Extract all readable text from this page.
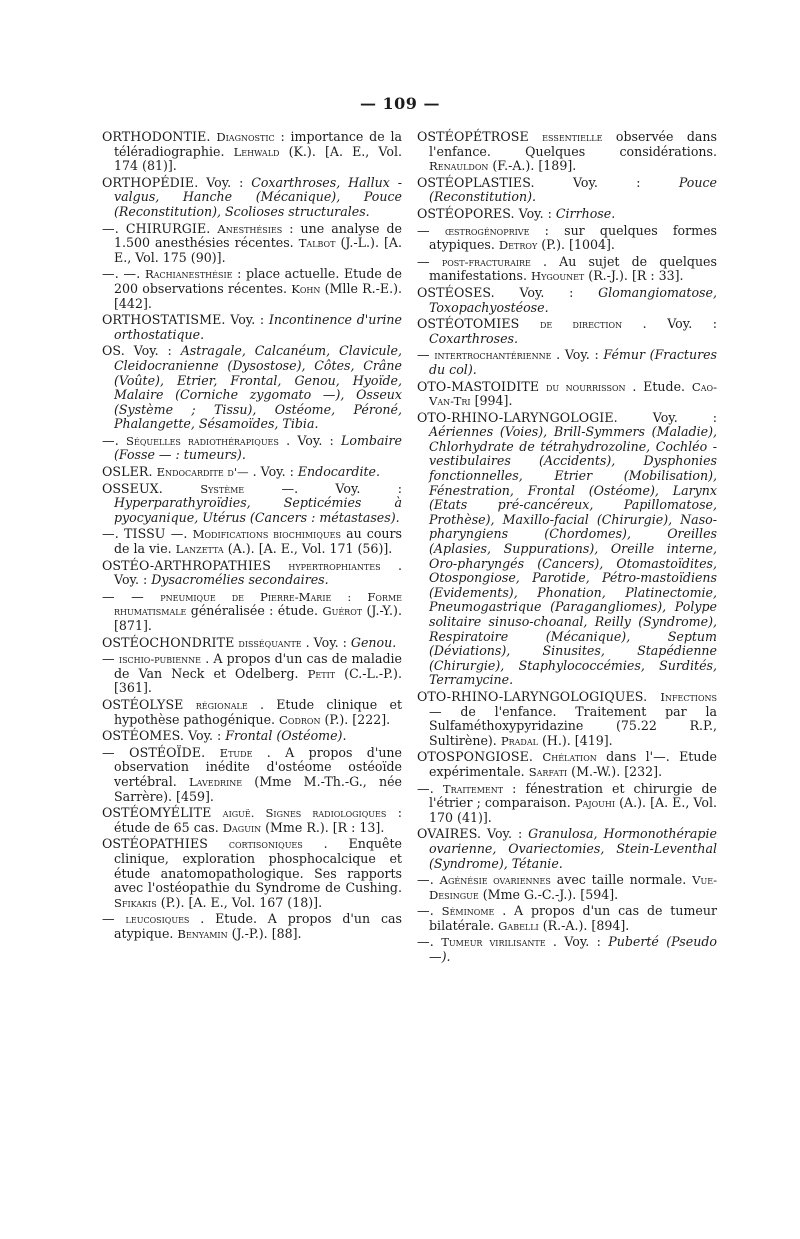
— 109 —

ORTHODONTIE. Diagnostic : importance de la téléradiographie. Lehwald (K.). [A. E., Vol. 174 (81)].

ORTHOPÉDIE. Voy. : Coxarthroses, Hallux - valgus, Hanche (Mécanique), Pouce (Reconstitution), Scolioses structurales.

—. CHIRURGIE. Anesthésies : une analyse de 1.500 anesthésies récentes. Talbot (J.-L.). [A. E., Vol. 175 (90)].

—. —. Rachianesthésie : place actuelle. Etude de 200 observations récentes. Kohn (Mlle R.-E.). [442].

ORTHOSTATISME. Voy. : Incontinence d'urine orthostatique.

OS. Voy. : Astragale, Calcanéum, Clavicule, Cleidocranienne (Dysostose), Côtes, Crâne (Voûte), Etrier, Frontal, Genou, Hyoïde, Malaire (Corniche zygomato —), Osseux (Système ; Tissu), Ostéome, Péroné, Phalangette, Sésamoïdes, Tibia.

—. Séquelles radiothérapiques . Voy. : Lombaire (Fosse — : tumeurs).

OSLER. Endocardite d'— . Voy. : Endocardite.

OSSEUX.	Système	—. Voy. : Hyperparathyroïdies, Septicémies à pyocyanique, Utérus (Cancers : métastases).

—. TISSU —. Modifications biochimiques au cours de la vie. Lanzetta (A.). [A. E., Vol. 171 (56)].

OSTÉO-ARTHROPATHIES hypertrophiantes . Voy. : Dysacromélies secondaires.

— — pneumique de Pierre-Marie : Forme rhumatismale généralisée : étude. Guérot (J.-Y.). [871].

OSTÉOCHONDRITE disséquante . Voy. : Genou.

— ischio-pubienne . A propos d'un cas de maladie de Van Neck et Odelberg. Petit (C.-L.-P.). [361].

OSTÉOLYSE régionale . Etude clinique et hypothèse pathogénique. Codron (P.). [222].

OSTÉOMES. Voy. : Frontal (Ostéome).

— OSTÉOÏDE. Etude . A propos d'une observation inédite d'ostéome ostéoïde vertébral. Lavedrine (Mme M.-Th.-G., née Sarrère). [459].

OSTÉOMYÉLITE aiguë. Signes radiologiques : étude de 65 cas. Daguin (Mme R.). [R : 13].

OSTÉOPATHIES cortisoniques . Enquête clinique, exploration phosphocalcique et étude anatomopathologique. Ses rapports avec l'ostéopathie du Syndrome de Cushing. Sfikakis (P.). [A. E., Vol. 167 (18)].

— leucosiques . Etude. A propos d'un cas atypique. Benyamin (J.-P.). [88].

OSTÉOPÉTROSE essentielle observée dans l'enfance. Quelques considérations. Renauldon (F.-A.). [189].

OSTÉOPLASTIES.	Voy. :	Pouce (Reconstitution).

OSTÉOPORES. Voy. : Cirrhose.

— œstrogénoprive : sur quelques formes atypiques. Detroy (P.). [1004].

— post-fracturaire . Au sujet de quelques manifestations. Hygounet (R.-J.). [R : 33].

OSTÉOSES. Voy. : Glomangiomatose, Toxopachyostéose.

OSTÉOTOMIES de direction . Voy. : Coxarthroses.

— intertrochantérienne . Voy. : Fémur (Fractures du col).

OTO-MASTOIDITE du nourrisson . Etude. Cao-Van-Tri [994].

OTO-RHINO-LARYNGOLOGIE.	Voy. : Aériennes (Voies), Brill-Symmers (Maladie), Chlorhydrate de tétrahydrozoline, Cochléo - vestibulaires (Accidents), Dysphonies fonctionnelles, Etrier (Mobilisation), Fénestration, Frontal (Ostéome), Larynx (Etats pré-cancéreux, Papillomatose, Prothèse), Maxillo-facial (Chirurgie), Naso-pharyngiens (Chordomes), Oreilles (Aplasies, Suppurations), Oreille interne, Oro-pharyngés (Cancers), Otomastoïdites, Otospongiose, Parotide, Pétro-mastoïdiens (Evidements), Phonation, Platinectomie, Pneumogastrique (Paragangliomes), Polype solitaire sinuso-choanal, Reilly (Syndrome), Respiratoire (Mécanique), Septum (Déviations), Sinusites, Stapédienne (Chirurgie), Staphylococcémies, Surdités, Terramycine.

OTO-RHINO-LARYNGOLOGIQUES. Infections — de l'enfance. Traitement par la Sulfaméthoxypyridazine (75.22 R.P., Sultirène). Pradal (H.). [419].

OTOSPONGIOSE. Chélation dans l'—. Etude expérimentale. Sarfati (M.-W.). [232].

—. Traitement : fénestration et chirurgie de l'étrier ; comparaison. Pajouhi (A.). [A. E., Vol. 170 (41)].

OVAIRES. Voy. : Granulosa, Hormonothérapie ovarienne, Ovariectomies, Stein-Leventhal (Syndrome), Tétanie.

—. Agénésie ovariennes avec taille normale. Vue-Desingue (Mme G.-C.-J.). [594].

—. Séminome . A propos d'un cas de tumeur bilatérale. Gabelli (R.-A.). [894].

—. Tumeur virilisante . Voy. : Puberté (Pseudo —).
